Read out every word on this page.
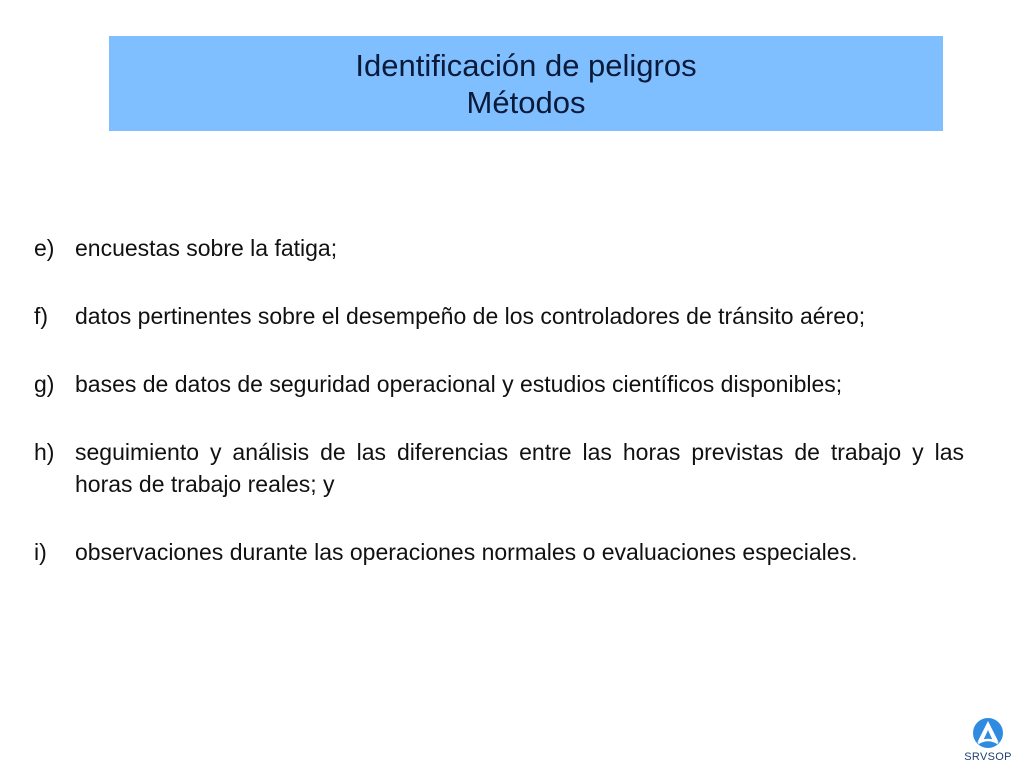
Identificación de peligros
Métodos
e) encuestas sobre la fatiga;
f)	datos pertinentes sobre el desempeño de los controladores de tránsito aéreo;
g) bases de datos de seguridad operacional y estudios científicos disponibles;
h) seguimiento y análisis de las diferencias entre las horas previstas de trabajo y las horas de trabajo reales; y
i)	observaciones durante las operaciones normales o evaluaciones especiales.
SRVSOP
